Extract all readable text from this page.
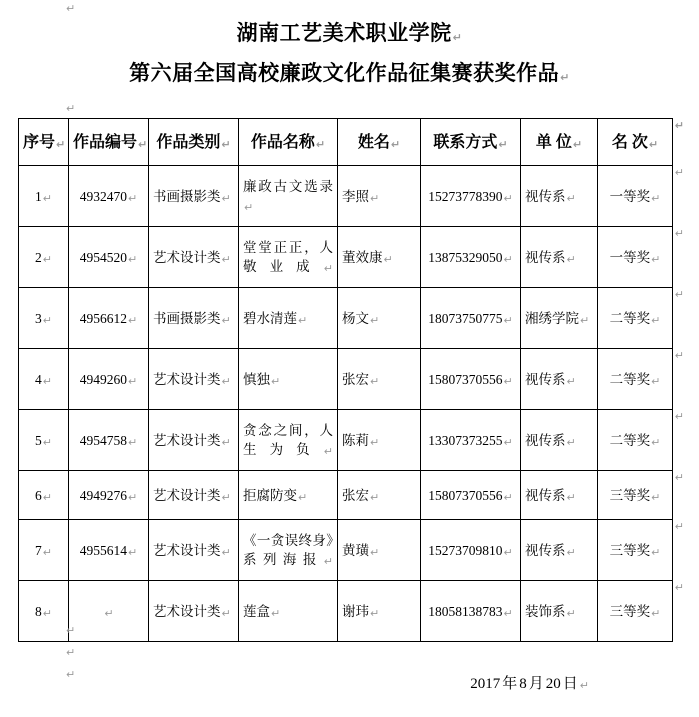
↵
湖南工艺美术职业学院↵
第六届全国高校廉政文化作品征集赛获奖作品↵
↵
序号↵	作品编号↵	作品类别↵	作品名称↵	姓名↵	联系方式↵	单 位↵	名 次↵
↵

1↵	4932470↵	书画摄影类↵	廉政古文选录↵	李照↵	15273778390↵	视传系↵	一等奖↵
↵

2↵	4954520↵	艺术设计类↵	堂堂正正，人敬业成↵	董效康↵	13875329050↵	视传系↵	一等奖↵
↵

3↵	4956612↵	书画摄影类↵	碧水清莲↵	杨文↵	18073750775↵	湘绣学院↵	二等奖↵
↵

4↵	4949260↵	艺术设计类↵	慎独↵	张宏↵	15807370556↵	视传系↵	二等奖↵
↵

5↵	4954758↵	艺术设计类↵	贪念之间，人生为负↵	陈莉↵	13307373255↵	视传系↵	二等奖↵
↵

6↵	4949276↵	艺术设计类↵	拒腐防变↵	张宏↵	15807370556↵	视传系↵	三等奖↵
↵

7↵	4955614↵	艺术设计类↵	《一贪误终身》系列海报↵	黄璜↵	15273709810↵	视传系↵	三等奖↵
↵

8↵	↵	艺术设计类↵	莲盒↵	谢玮↵	18058138783↵	装饰系↵	三等奖↵
↵
↵
↵
↵
2017 年 8 月 20 日 ↵
